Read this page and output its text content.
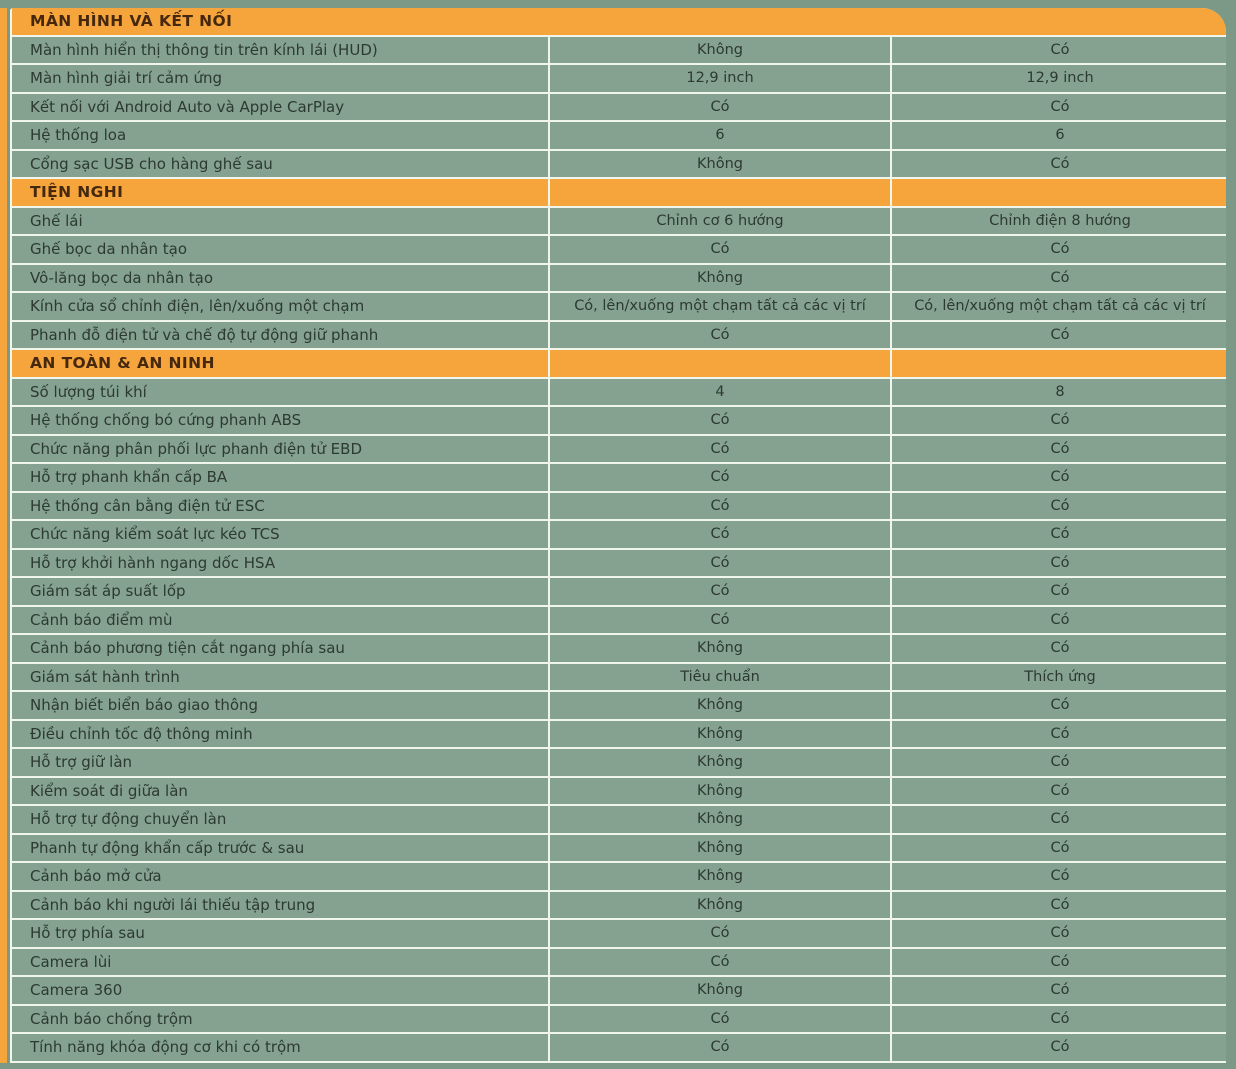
MÀN HÌNH VÀ KẾT NỐI
Màn hình hiển thị thông tin trên kính lái (HUD)	Không	Có
Màn hình giải trí cảm ứng	12,9 inch	12,9 inch
Kết nối với Android Auto và Apple CarPlay	Có	Có
Hệ thống loa	6	6
Cổng sạc USB cho hàng ghế sau	Không	Có
TIỆN NGHI
Ghế lái	Chỉnh cơ 6 hướng	Chỉnh điện 8 hướng
Ghế bọc da nhân tạo	Có	Có
Vô-lăng bọc da nhân tạo	Không	Có
Kính cửa sổ chỉnh điện, lên/xuống một chạm	Có, lên/xuống một chạm tất cả các vị trí	Có, lên/xuống một chạm tất cả các vị trí
Phanh đỗ điện tử và chế độ tự động giữ phanh	Có	Có
AN TOÀN & AN NINH
Số lượng túi khí	4	8
Hệ thống chống bó cứng phanh ABS	Có	Có
Chức năng phân phối lực phanh điện tử EBD	Có	Có
Hỗ trợ phanh khẩn cấp BA	Có	Có
Hệ thống cân bằng điện tử ESC	Có	Có
Chức năng kiểm soát lực kéo TCS	Có	Có
Hỗ trợ khởi hành ngang dốc HSA	Có	Có
Giám sát áp suất lốp	Có	Có
Cảnh báo điểm mù	Có	Có
Cảnh báo phương tiện cắt ngang phía sau	Không	Có
Giám sát hành trình	Tiêu chuẩn	Thích ứng
Nhận biết biển báo giao thông	Không	Có
Điều chỉnh tốc độ thông minh	Không	Có
Hỗ trợ giữ làn	Không	Có
Kiểm soát đi giữa làn	Không	Có
Hỗ trợ tự động chuyển làn	Không	Có
Phanh tự động khẩn cấp trước & sau	Không	Có
Cảnh báo mở cửa	Không	Có
Cảnh báo khi người lái thiếu tập trung	Không	Có
Hỗ trợ phía sau	Có	Có
Camera lùi	Có	Có
Camera 360	Không	Có
Cảnh báo chống trộm	Có	Có
Tính năng khóa động cơ khi có trộm	Có	Có
